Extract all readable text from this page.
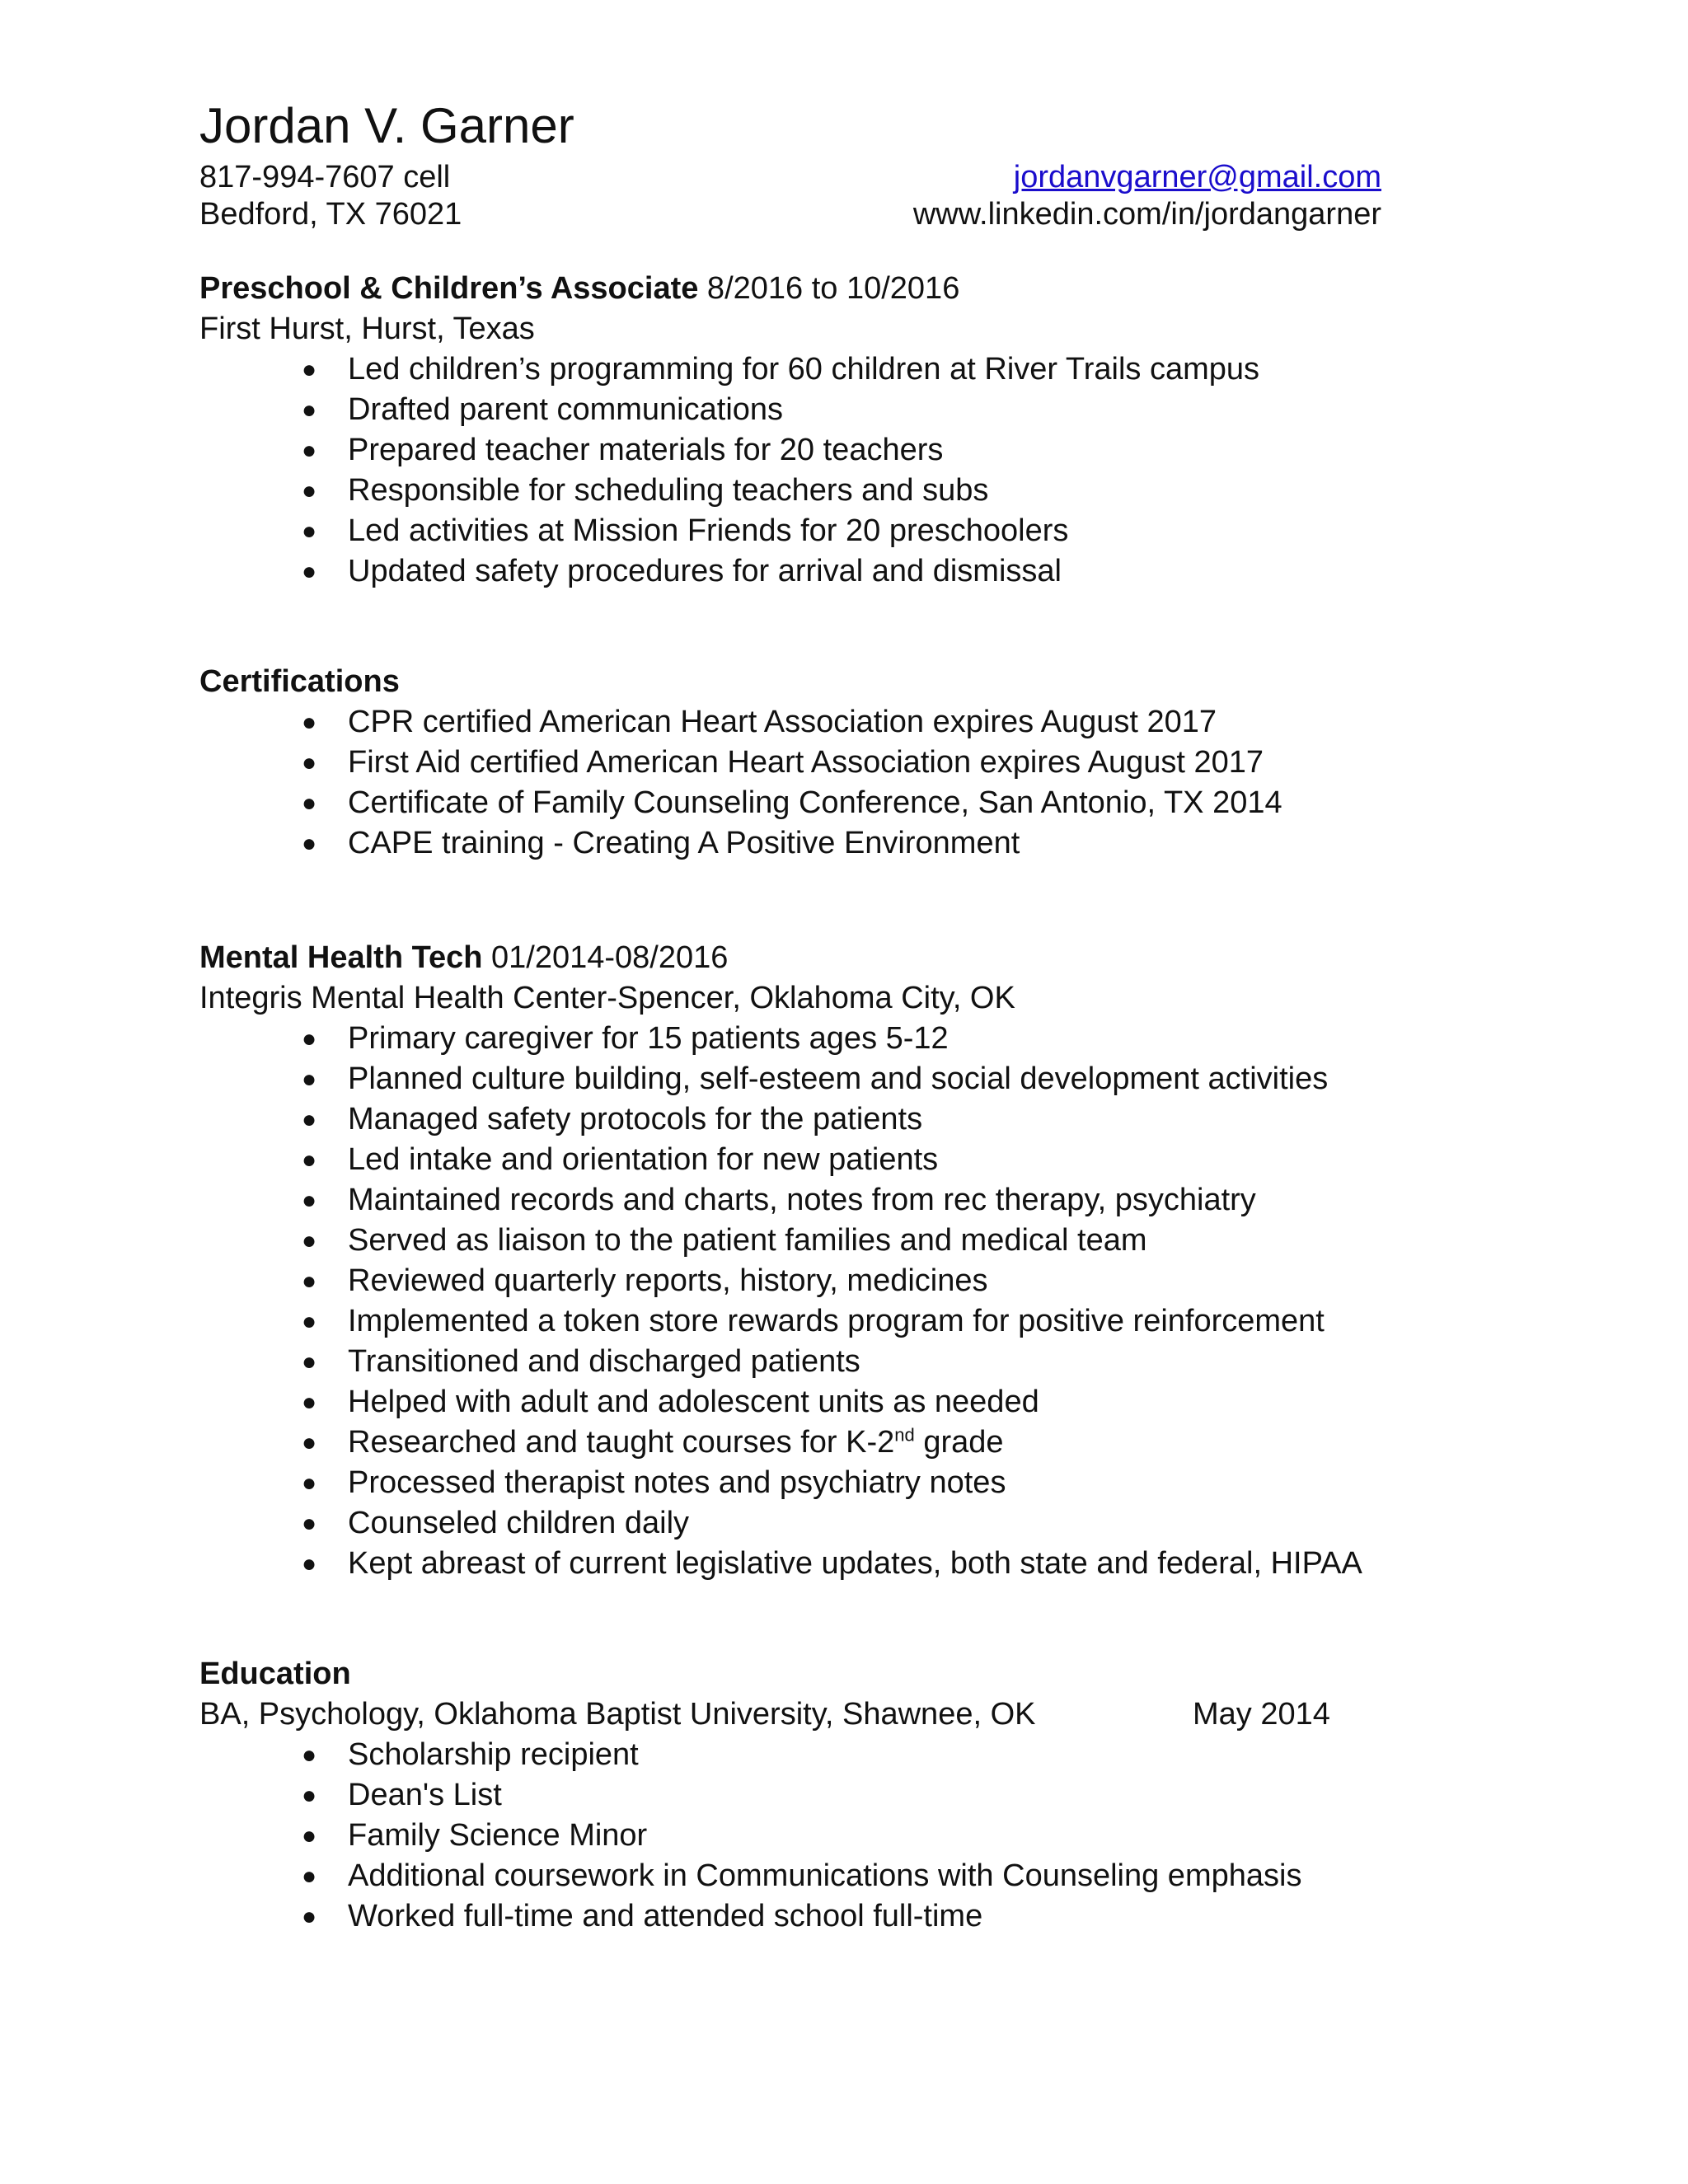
Jordan V. Garner
817-994-7607 cell	jordanvgarner@gmail.com
Bedford, TX 76021	www.linkedin.com/in/jordangarner
Preschool & Children’s Associate 8/2016 to 10/2016
First Hurst, Hurst, Texas
● Led children’s programming for 60 children at River Trails campus
● Drafted parent communications
● Prepared teacher materials for 20 teachers
● Responsible for scheduling teachers and subs
● Led activities at Mission Friends for 20 preschoolers
● Updated safety procedures for arrival and dismissal
Certifications
● CPR certified American Heart Association expires August 2017
● First Aid certified American Heart Association expires August 2017
● Certificate of Family Counseling Conference, San Antonio, TX 2014
● CAPE training - Creating A Positive Environment
Mental Health Tech 01/2014-08/2016
Integris Mental Health Center-Spencer, Oklahoma City, OK
● Primary caregiver for 15 patients ages 5-12
● Planned culture building, self-esteem and social development activities
● Managed safety protocols for the patients
● Led intake and orientation for new patients
● Maintained records and charts, notes from rec therapy, psychiatry
● Served as liaison to the patient families and medical team
● Reviewed quarterly reports, history, medicines
● Implemented a token store rewards program for positive reinforcement
● Transitioned and discharged patients
● Helped with adult and adolescent units as needed
● Researched and taught courses for K-2nd grade
● Processed therapist notes and psychiatry notes
● Counseled children daily
● Kept abreast of current legislative updates, both state and federal, HIPAA
Education
BA, Psychology, Oklahoma Baptist University, Shawnee, OK	May 2014
● Scholarship recipient
● Dean's List
● Family Science Minor
● Additional coursework in Communications with Counseling emphasis
● Worked full-time and attended school full-time
